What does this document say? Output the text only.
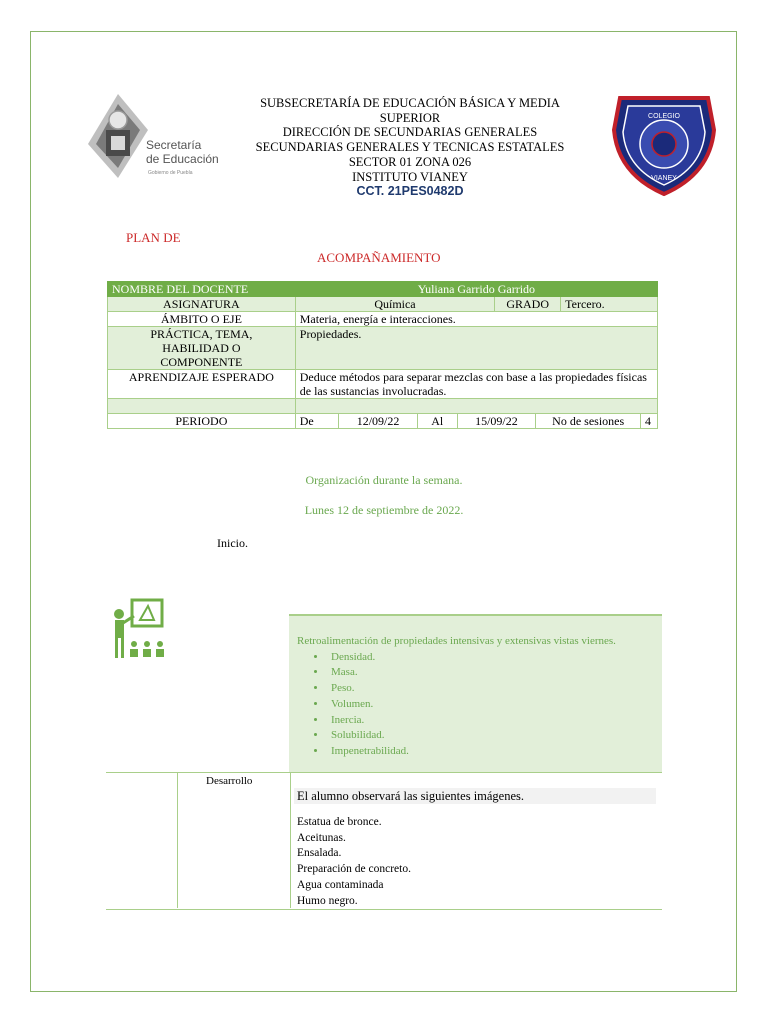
Secretaría
de Educación
Gobierno de Puebla
SUBSECRETARÍA DE EDUCACIÓN BÁSICA Y MEDIA
SUPERIOR
DIRECCIÓN DE SECUNDARIAS GENERALES
SECUNDARIAS GENERALES Y TECNICAS ESTATALES
SECTOR 01 ZONA 026
INSTITUTO VIANEY
CCT. 21PES0482D
COLEGIO
VIANEY
PLAN DE
ACOMPAÑAMIENTO
NOMBRE DEL DOCENTE	Yuliana Garrido Garrido
ASIGNATURA	Química	GRADO	Tercero.
ÁMBITO O EJE	Materia, energía e interacciones.
PRÁCTICA, TEMA, HABILIDAD O COMPONENTE	Propiedades.
APRENDIZAJE ESPERADO	Deduce métodos para separar mezclas con base a las propiedades físicas de las sustancias involucradas.

PERIODO		De	12/09/22	Al	15/09/22	No de sesiones	4
Organización durante la semana.
Lunes 12 de septiembre de 2022.
Inicio.
Retroalimentación de propiedades intensivas y extensivas vistas viernes.
• Densidad.
• Masa.
• Peso.
• Volumen.
• Inercia.
• Solubilidad.
• Impenetrabilidad.
Desarrollo
El alumno observará las siguientes imágenes.
Estatua de bronce.
Aceitunas.
Ensalada.
Preparación de concreto.
Agua contaminada
Humo negro.
